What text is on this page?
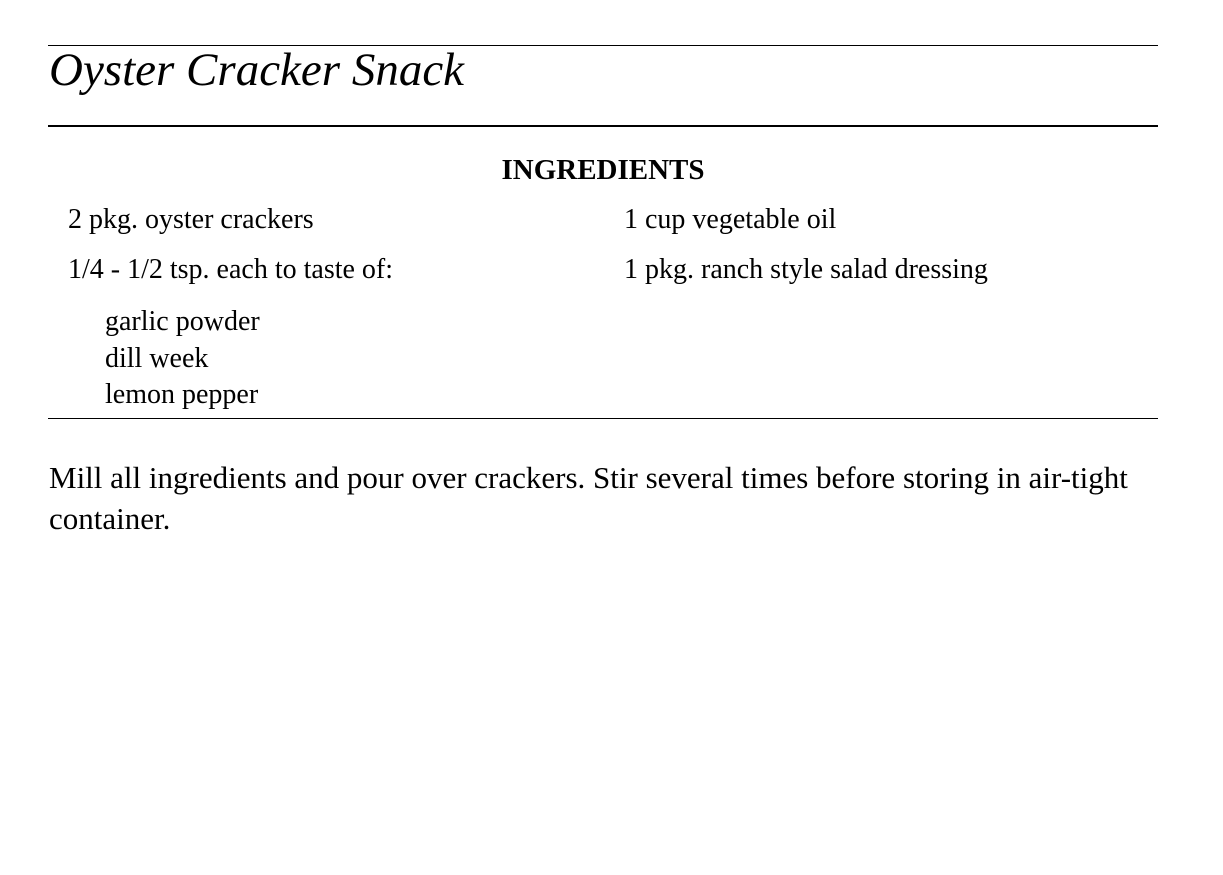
Oyster Cracker Snack
INGREDIENTS
2 pkg. oyster crackers	1 cup vegetable oil
1/4 - 1/2 tsp. each to taste of:	1 pkg. ranch style salad dressing
garlic powder
dill week
lemon pepper

Mill all ingredients and pour over crackers. Stir several times before storing in air-tight container.
